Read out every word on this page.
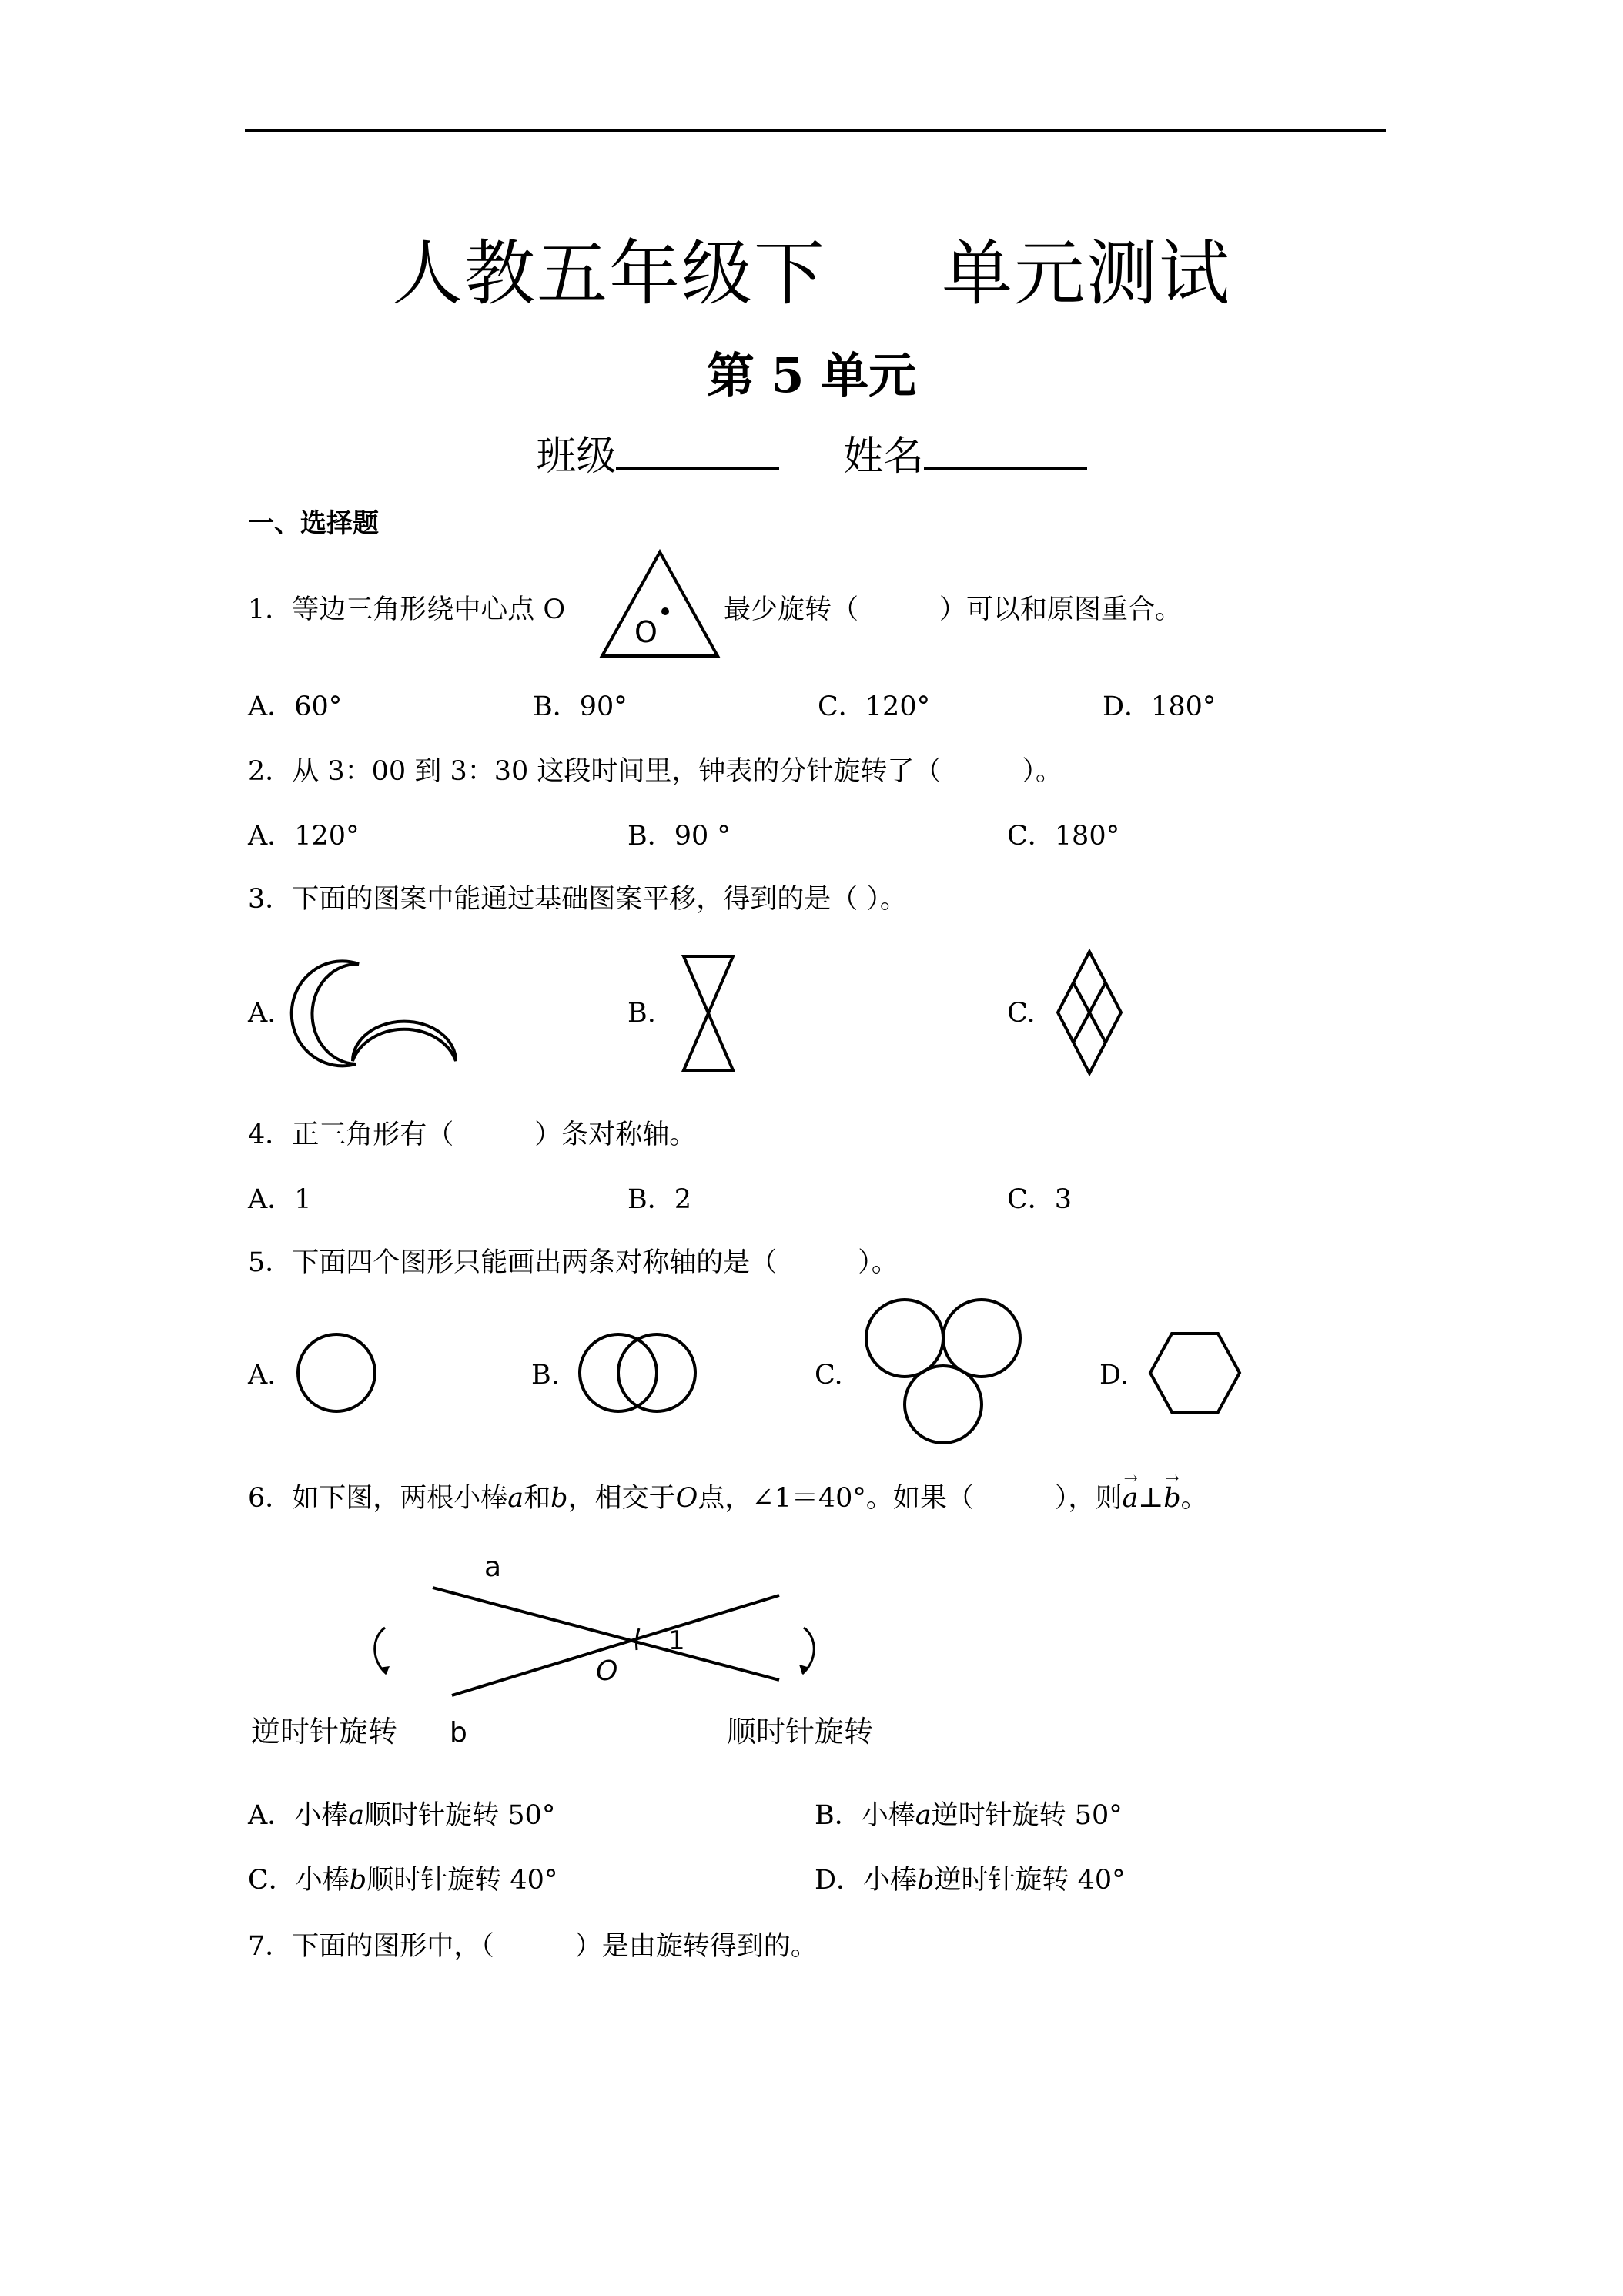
人教五年级下 单元测试
第 5 单元
班级	姓名
一、选择题
1．等边三角形绕中心点 O
O
最少旋转（　　　）可以和原图重合。
A．60°	B．90°	C．120°	D．180°
2．从 3：00 到 3：30 这段时间里，钟表的分针旋转了（　　　）。
A．120°	B．90 °	C．180°
3．下面的图案中能通过基础图案平移，得到的是（ ）。
A.	B.	C.
4．正三角形有（　　　）条对称轴。
A．1	B．2	C．3
5．下面四个图形只能画出两条对称轴的是（　　　）。
A.	B.	C.	D.
6．如下图，两根小棒a和b，相交于O点，∠1＝40°。如果（　　　），则
→
a⊥
→
b。
a
b
O
1
逆时针旋转	顺时针旋转
A．小棒a顺时针旋转 50°	B．小棒a逆时针旋转 50°
C．小棒b顺时针旋转 40°	D．小棒b逆时针旋转 40°
7．下面的图形中，（　　　）是由旋转得到的。
